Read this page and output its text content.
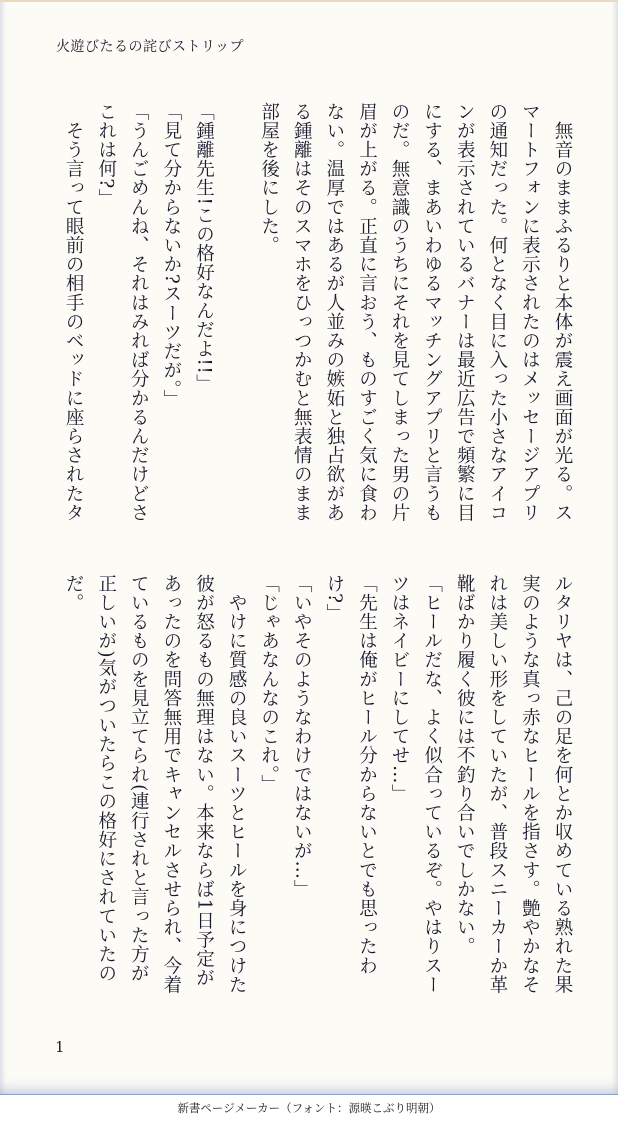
火遊びたるの詫びストリップ
　無音のままふるりと本体が震え画面が光る。ス
マートフォンに表示されたのはメッセージアプリ
の通知だった。何となく目に入った小さなアイコ
ンが表示されているバナーは最近広告で頻繁に目
にする、まあいわゆるマッチングアプリと言うも
のだ。無意識のうちにそれを見てしまった男の片
眉が上がる。正直に言おう、ものすごく気に食わ
ない。温厚ではあるが人並みの嫉妬と独占欲があ
る鍾離はそのスマホをひっつかむと無表情のまま
部屋を後にした。

「鍾離先生!この格好なんだよ!!」
「見て分からないか?スーツだが。」
「うんごめんね、それはみれば分かるんだけどさ
これは何?」
　そう言って眼前の相手のベッドに座らされたタ
ルタリヤは、己の足を何とか収めている熟れた果
実のような真っ赤なヒールを指さす。艶やかなそ
れは美しい形をしていたが、普段スニーカーか革
靴ばかり履く彼には不釣り合いでしかない。
「ヒールだな、よく似合っているぞ。やはりスー
ツはネイビーにしてせ…」
「先生は俺がヒール分からないとでも思ったわ
け?」
「いやそのようなわけではないが…」
「じゃあなんなのこれ。」
　やけに質感の良いスーツとヒールを身につけた
彼が怒るもの無理はない。本来ならば1日予定が
あったのを問答無用でキャンセルさせられ、今着
ているものを見立てられ(連行されと言った方が
正しいが)気がついたらこの格好にされていたの
だ。
1
新書ページメーカー（フォント：源暎こぶり明朝）
